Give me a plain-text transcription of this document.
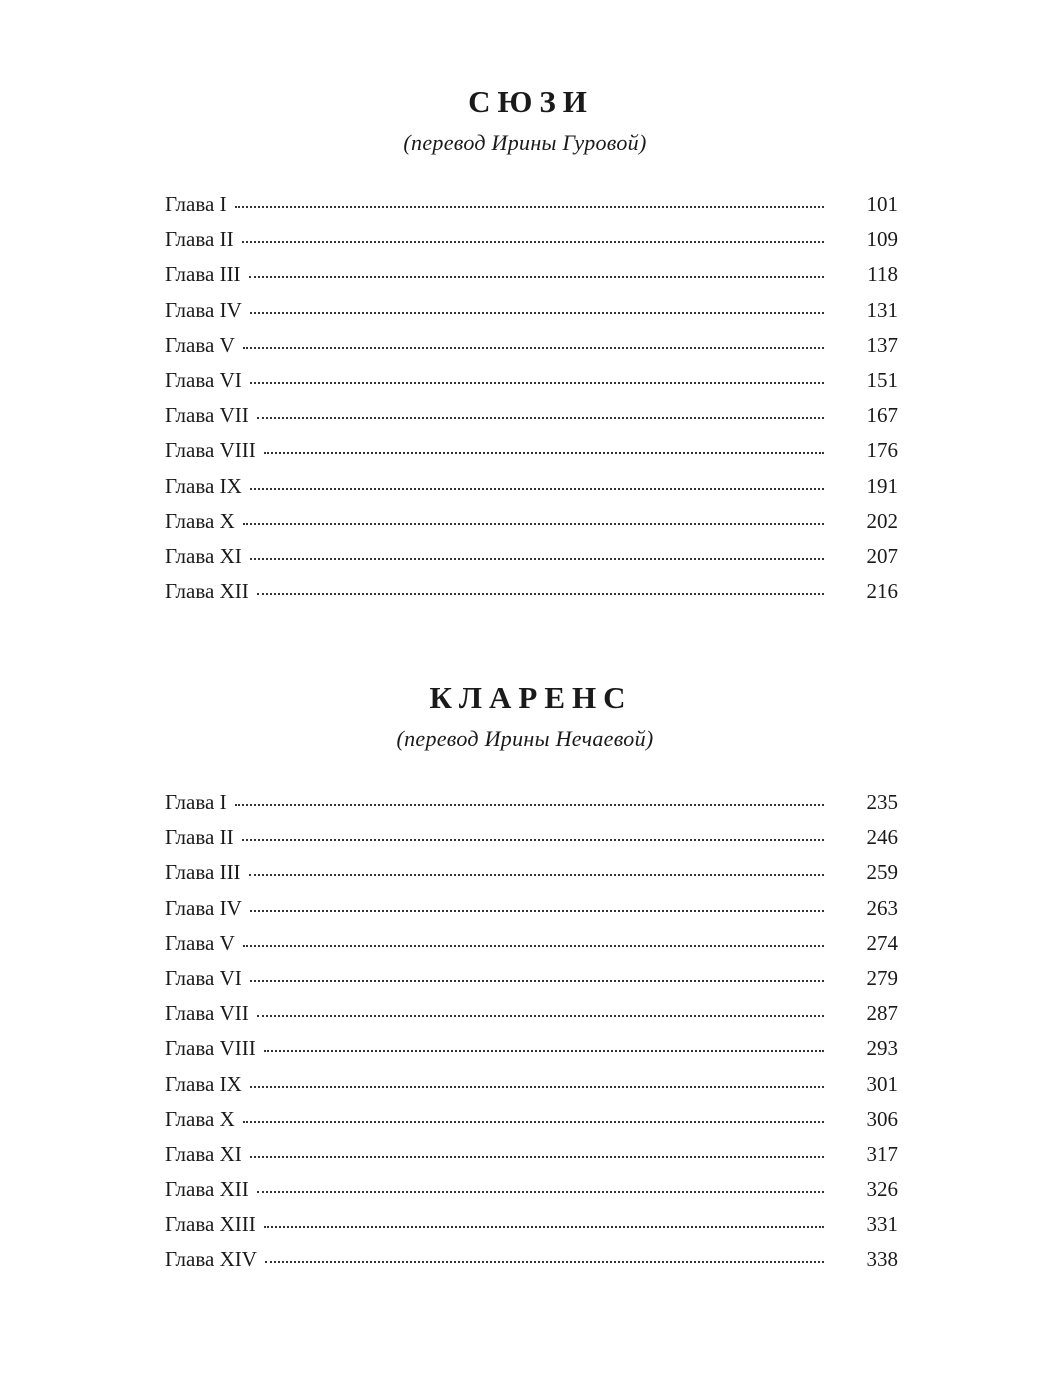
СЮЗИ

(перевод Ирины Гуровой)

Глава I	101
Глава II	109
Глава III	118
Глава IV	131
Глава V	137
Глава VI	151
Глава VII	167
Глава VIII	176
Глава IX	191
Глава X	202
Глава XI	207
Глава XII	216
КЛАРЕНС

(перевод Ирины Нечаевой)

Глава I	235
Глава II	246
Глава III	259
Глава IV	263
Глава V	274
Глава VI	279
Глава VII	287
Глава VIII	293
Глава IX	301
Глава X	306
Глава XI	317
Глава XII	326
Глава XIII	331
Глава XIV	338
